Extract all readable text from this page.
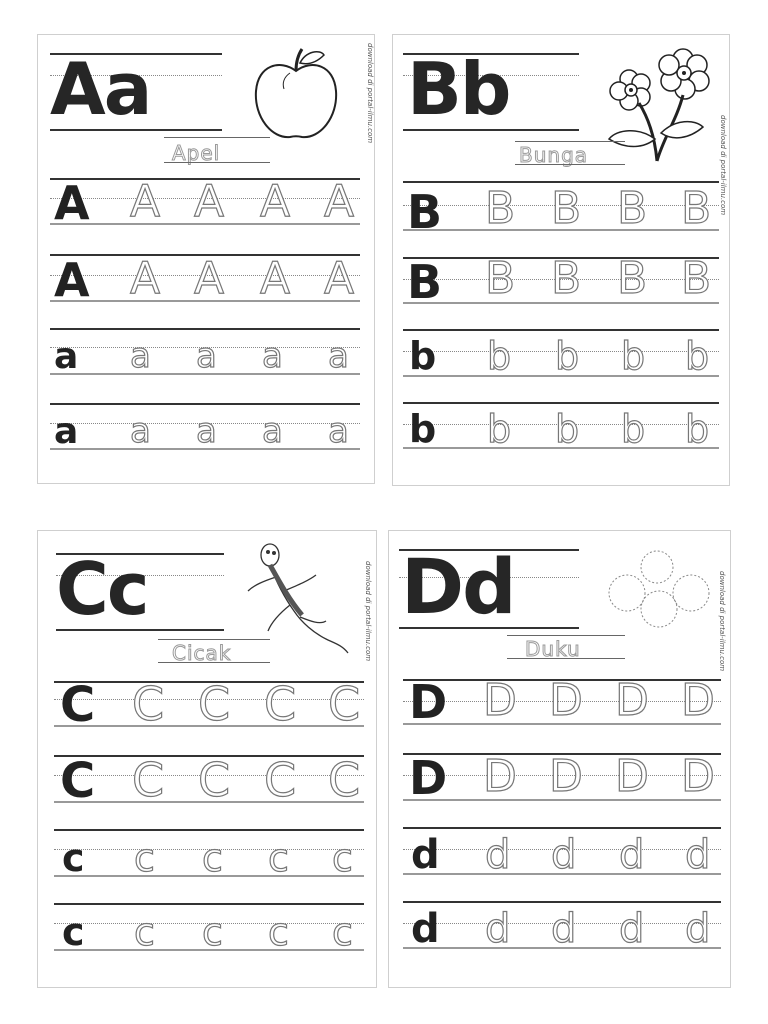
Aa
Apel
download di portal-ilmu.com
A A A A A
A A A A A
a a a a a
a a a a a
Bb
Bunga	download di portal-ilmu.com
B B B B B
B B B B B
b b b b b
b b b b b
Cc
Cicak	download di portal-ilmu.com
C C C C C
C C C C C
c c c c c
c c c c c
Dd
Duku	download di portal-ilmu.com
D D D D D
D D D D D
d d d d d
d d d d d
